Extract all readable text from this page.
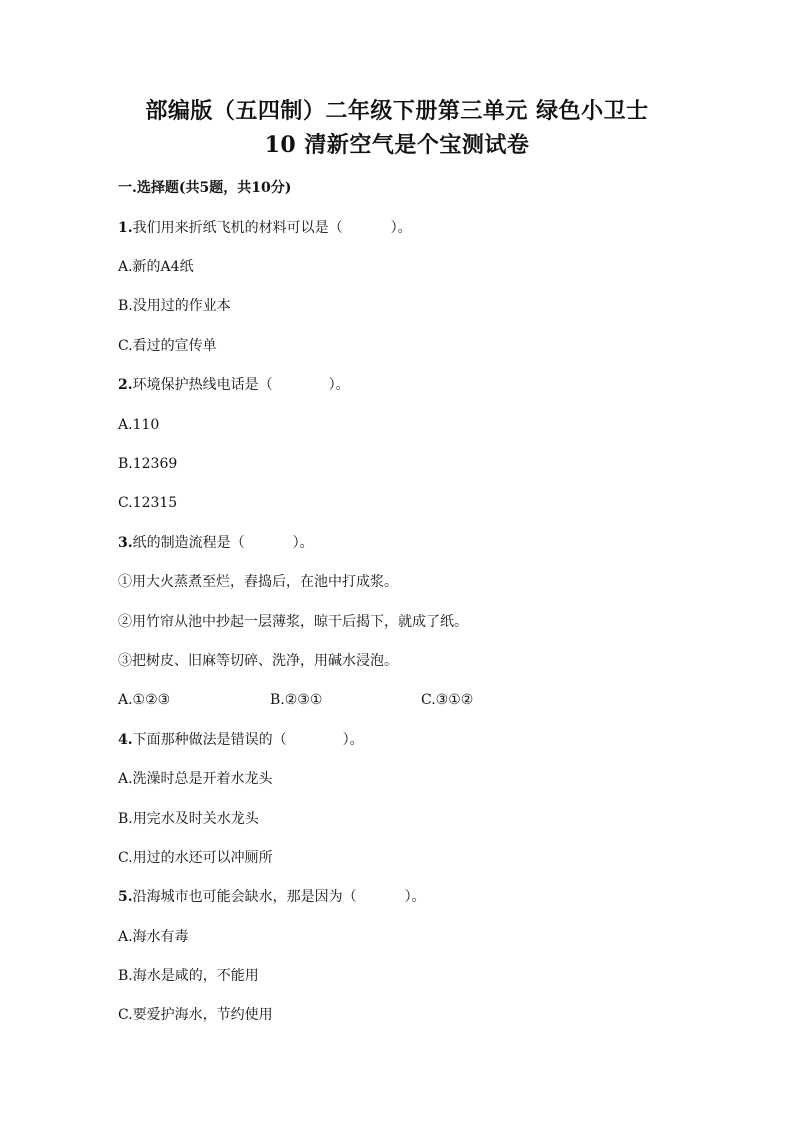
部编版（五四制）二年级下册第三单元 绿色小卫士
10 清新空气是个宝测试卷
一.选择题(共5题，共10分)
1.我们用来折纸飞机的材料可以是（	）。
A.新的A4纸
B.没用过的作业本
C.看过的宣传单
2.环境保护热线电话是（	）。
A.110
B.12369
C.12315
3.纸的制造流程是（	）。
①用大火蒸煮至烂，舂捣后，在池中打成浆。
②用竹帘从池中抄起一层薄浆，晾干后揭下，就成了纸。
③把树皮、旧麻等切碎、洗净，用碱水浸泡。
A.①②③	B.②③①	C.③①②
4.下面那种做法是错误的（	）。
A.洗澡时总是开着水龙头
B.用完水及时关水龙头
C.用过的水还可以冲厕所
5.沿海城市也可能会缺水，那是因为（	）。
A.海水有毒
B.海水是咸的，不能用
C.要爱护海水，节约使用
